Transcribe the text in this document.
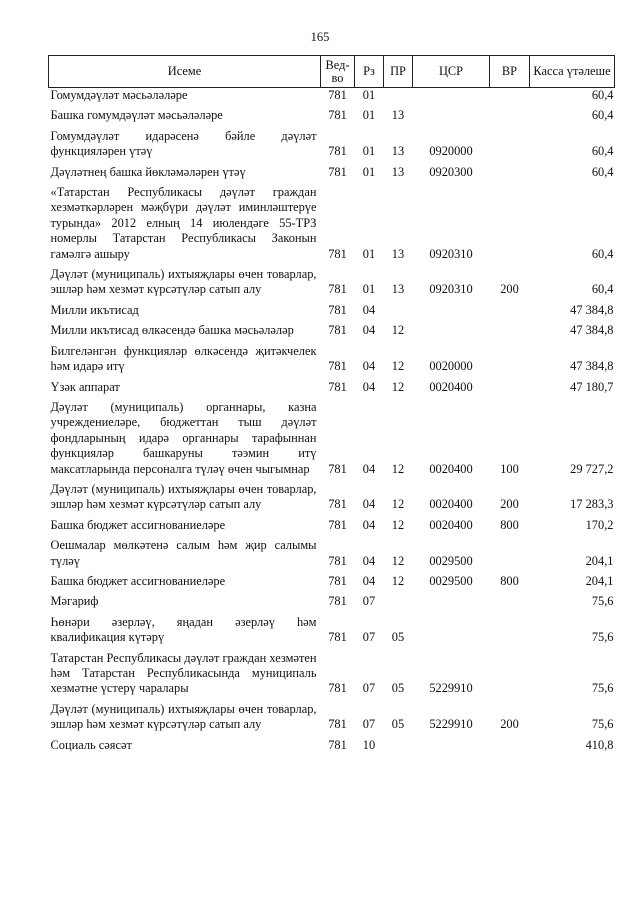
165
Исеме	Вед-во	Рз	ПР	ЦСР	ВР	Касса үтәлеше
Гомумдәүләт мәсьәләләре	781	01				60,4
Башка гомумдәүләт мәсьәләләре	781	01	13			60,4
Гомумдәүләт идарәсенә бәйле дәүләт функцияләрен үтәү	781	01	13	0920000		60,4
Дәүләтнең башка йөкләмәләрен үтәү	781	01	13	0920300		60,4
«Татарстан Республикасы дәүләт граждан хезмәткәрләрен мәҗбүри дәүләт иминләштерүе турында» 2012 елның 14 июлендәге 55-ТРЗ номерлы Татарстан Республикасы Законын гамәлгә ашыру	781	01	13	0920310		60,4
Дәүләт (муниципаль) ихтыяҗлары өчен товарлар, эшләр һәм хезмәт күрсәтүләр сатып алу	781	01	13	0920310	200	60,4
Милли икътисад	781	04				47 384,8
Милли икътисад өлкәсендә башка мәсьәләләр	781	04	12			47 384,8
Билгеләнгән функцияләр өлкәсендә җитәкчелек һәм идарә итү	781	04	12	0020000		47 384,8
Үзәк аппарат	781	04	12	0020400		47 180,7
Дәүләт (муниципаль) органнары, казна учреждениеләре, бюджеттан тыш дәүләт фондларының идарә органнары тарафыннан функцияләр башкаруны тәэмин итү максатларында персоналга түләү өчен чыгымнар	781	04	12	0020400	100	29 727,2
Дәүләт (муниципаль) ихтыяҗлары өчен товарлар, эшләр һәм хезмәт күрсәтүләр сатып алу	781	04	12	0020400	200	17 283,3
Башка бюджет ассигнованиеләре	781	04	12	0020400	800	170,2
Оешмалар мөлкәтенә салым һәм җир салымы түләү	781	04	12	0029500		204,1
Башка бюджет ассигнованиеләре	781	04	12	0029500	800	204,1
Мәгариф	781	07				75,6
Һөнәри әзерләү, яңадан әзерләү һәм квалификация күтәрү	781	07	05			75,6
Татарстан Республикасы дәүләт граждан хезмәтен һәм Татарстан Республикасында муниципаль хезмәтне үстерү чаралары	781	07	05	5229910		75,6
Дәүләт (муниципаль) ихтыяҗлары өчен товарлар, эшләр һәм хезмәт күрсәтүләр сатып алу	781	07	05	5229910	200	75,6
Социаль сәясәт	781	10				410,8
